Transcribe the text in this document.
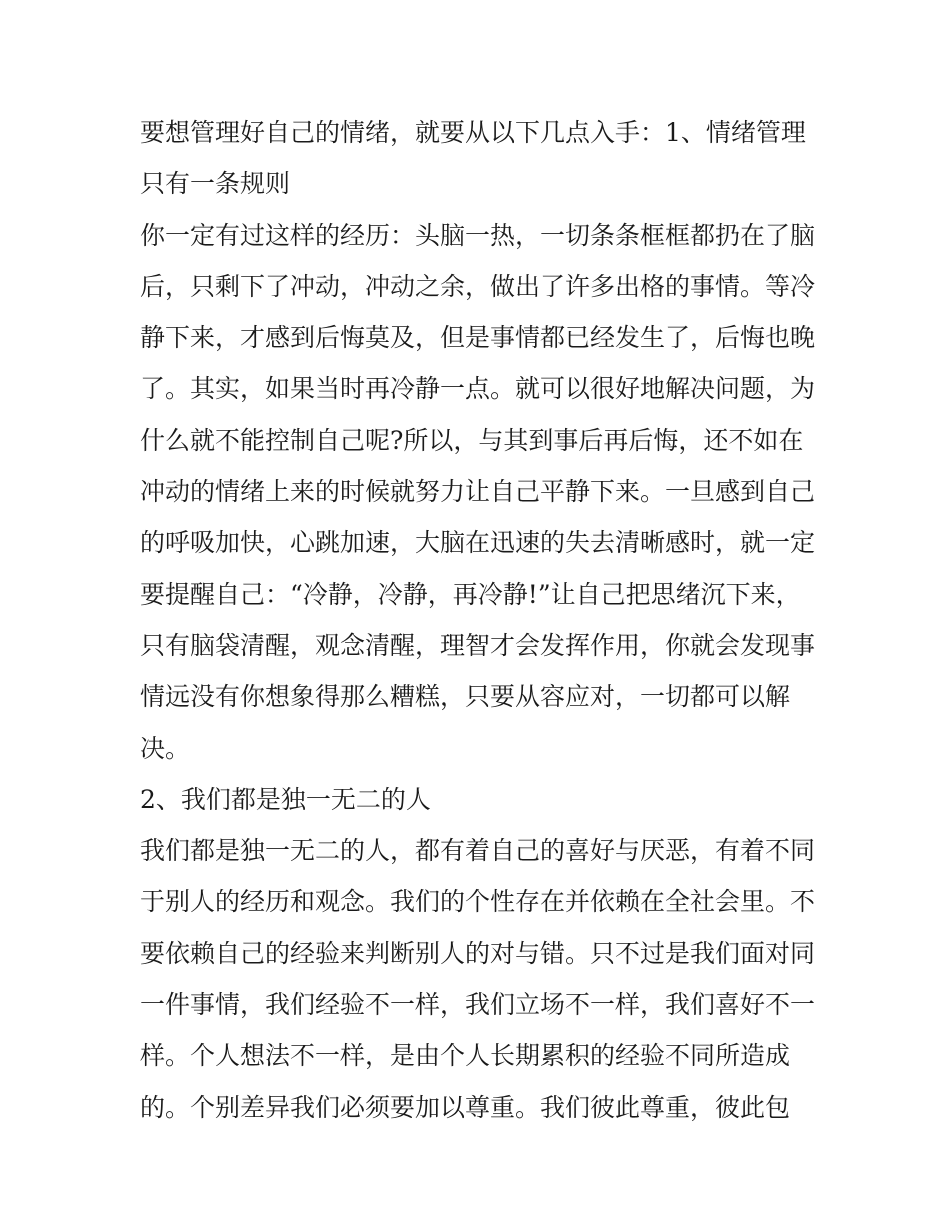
要想管理好自己的情绪，就要从以下几点入手：1、情绪管理
只有一条规则
你一定有过这样的经历：头脑一热，一切条条框框都扔在了脑
后，只剩下了冲动，冲动之余，做出了许多出格的事情。等冷
静下来，才感到后悔莫及，但是事情都已经发生了，后悔也晚
了。其实，如果当时再冷静一点。就可以很好地解决问题，为
什么就不能控制自己呢?所以，与其到事后再后悔，还不如在
冲动的情绪上来的时候就努力让自己平静下来。一旦感到自己
的呼吸加快，心跳加速，大脑在迅速的失去清晰感时，就一定
要提醒自己：“冷静，冷静，再冷静!”让自己把思绪沉下来，
只有脑袋清醒，观念清醒，理智才会发挥作用，你就会发现事
情远没有你想象得那么糟糕，只要从容应对，一切都可以解
决。
2、我们都是独一无二的人
我们都是独一无二的人，都有着自己的喜好与厌恶，有着不同
于别人的经历和观念。我们的个性存在并依赖在全社会里。不
要依赖自己的经验来判断别人的对与错。只不过是我们面对同
一件事情，我们经验不一样，我们立场不一样，我们喜好不一
样。个人想法不一样，是由个人长期累积的经验不同所造成
的。个别差异我们必须要加以尊重。我们彼此尊重，彼此包
